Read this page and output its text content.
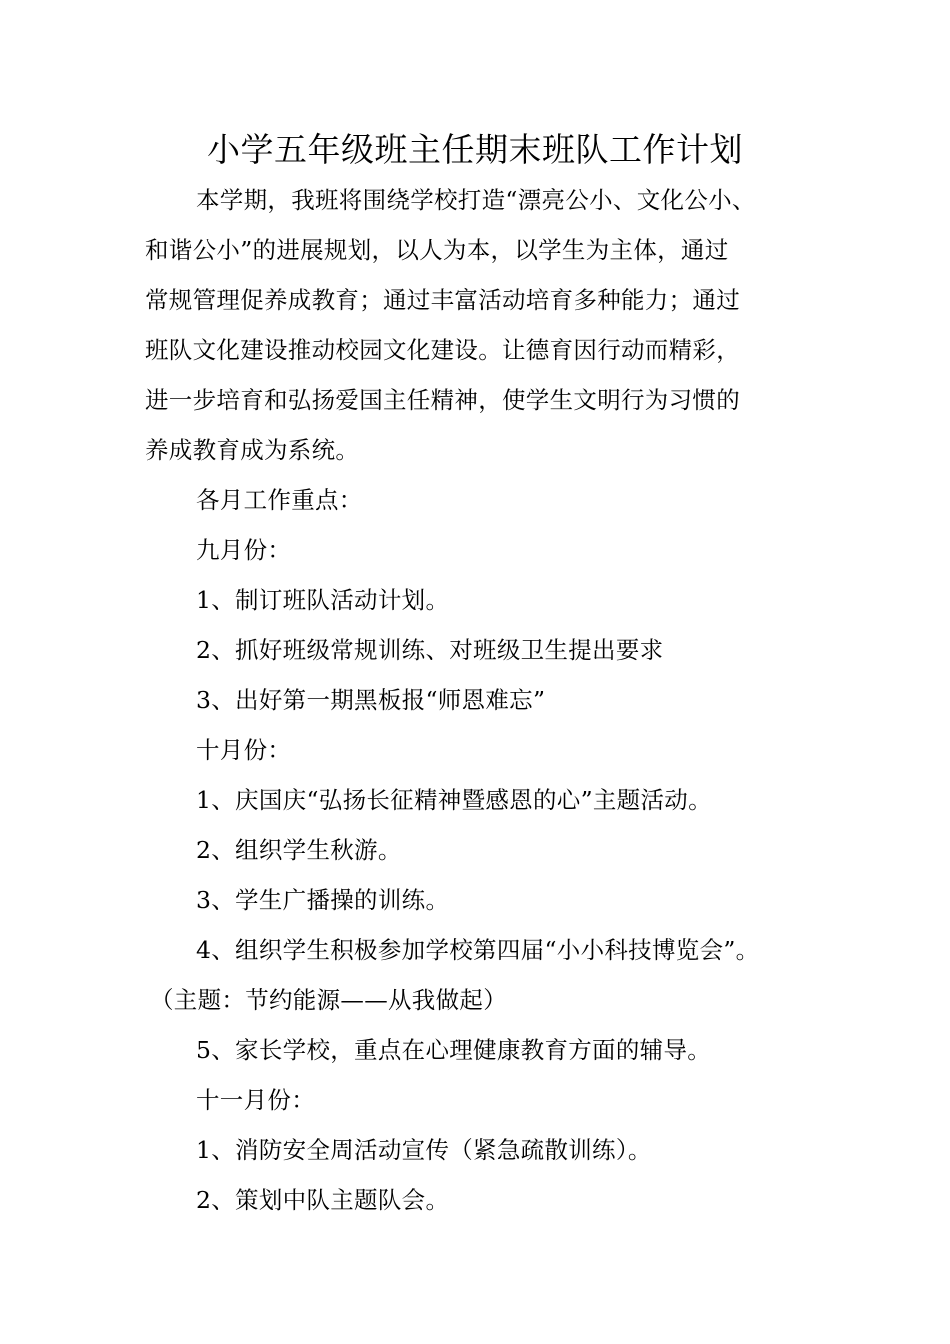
小学五年级班主任期末班队工作计划
本学期，我班将围绕学校打造“漂亮公小、文化公小、
和谐公小”的进展规划，以人为本，以学生为主体，通过
常规管理促养成教育；通过丰富活动培育多种能力；通过
班队文化建设推动校园文化建设。让德育因行动而精彩，
进一步培育和弘扬爱国主任精神，使学生文明行为习惯的
养成教育成为系统。
各月工作重点：
九月份：
1、制订班队活动计划。
2、抓好班级常规训练、对班级卫生提出要求
3、出好第一期黑板报“师恩难忘”
十月份：
1、庆国庆“弘扬长征精神暨感恩的心”主题活动。
2、组织学生秋游。
3、学生广播操的训练。
4、组织学生积极参加学校第四届“小小科技博览会”。
（主题：节约能源——从我做起）
5、家长学校，重点在心理健康教育方面的辅导。
十一月份：
1、消防安全周活动宣传（紧急疏散训练）。
2、策划中队主题队会。
